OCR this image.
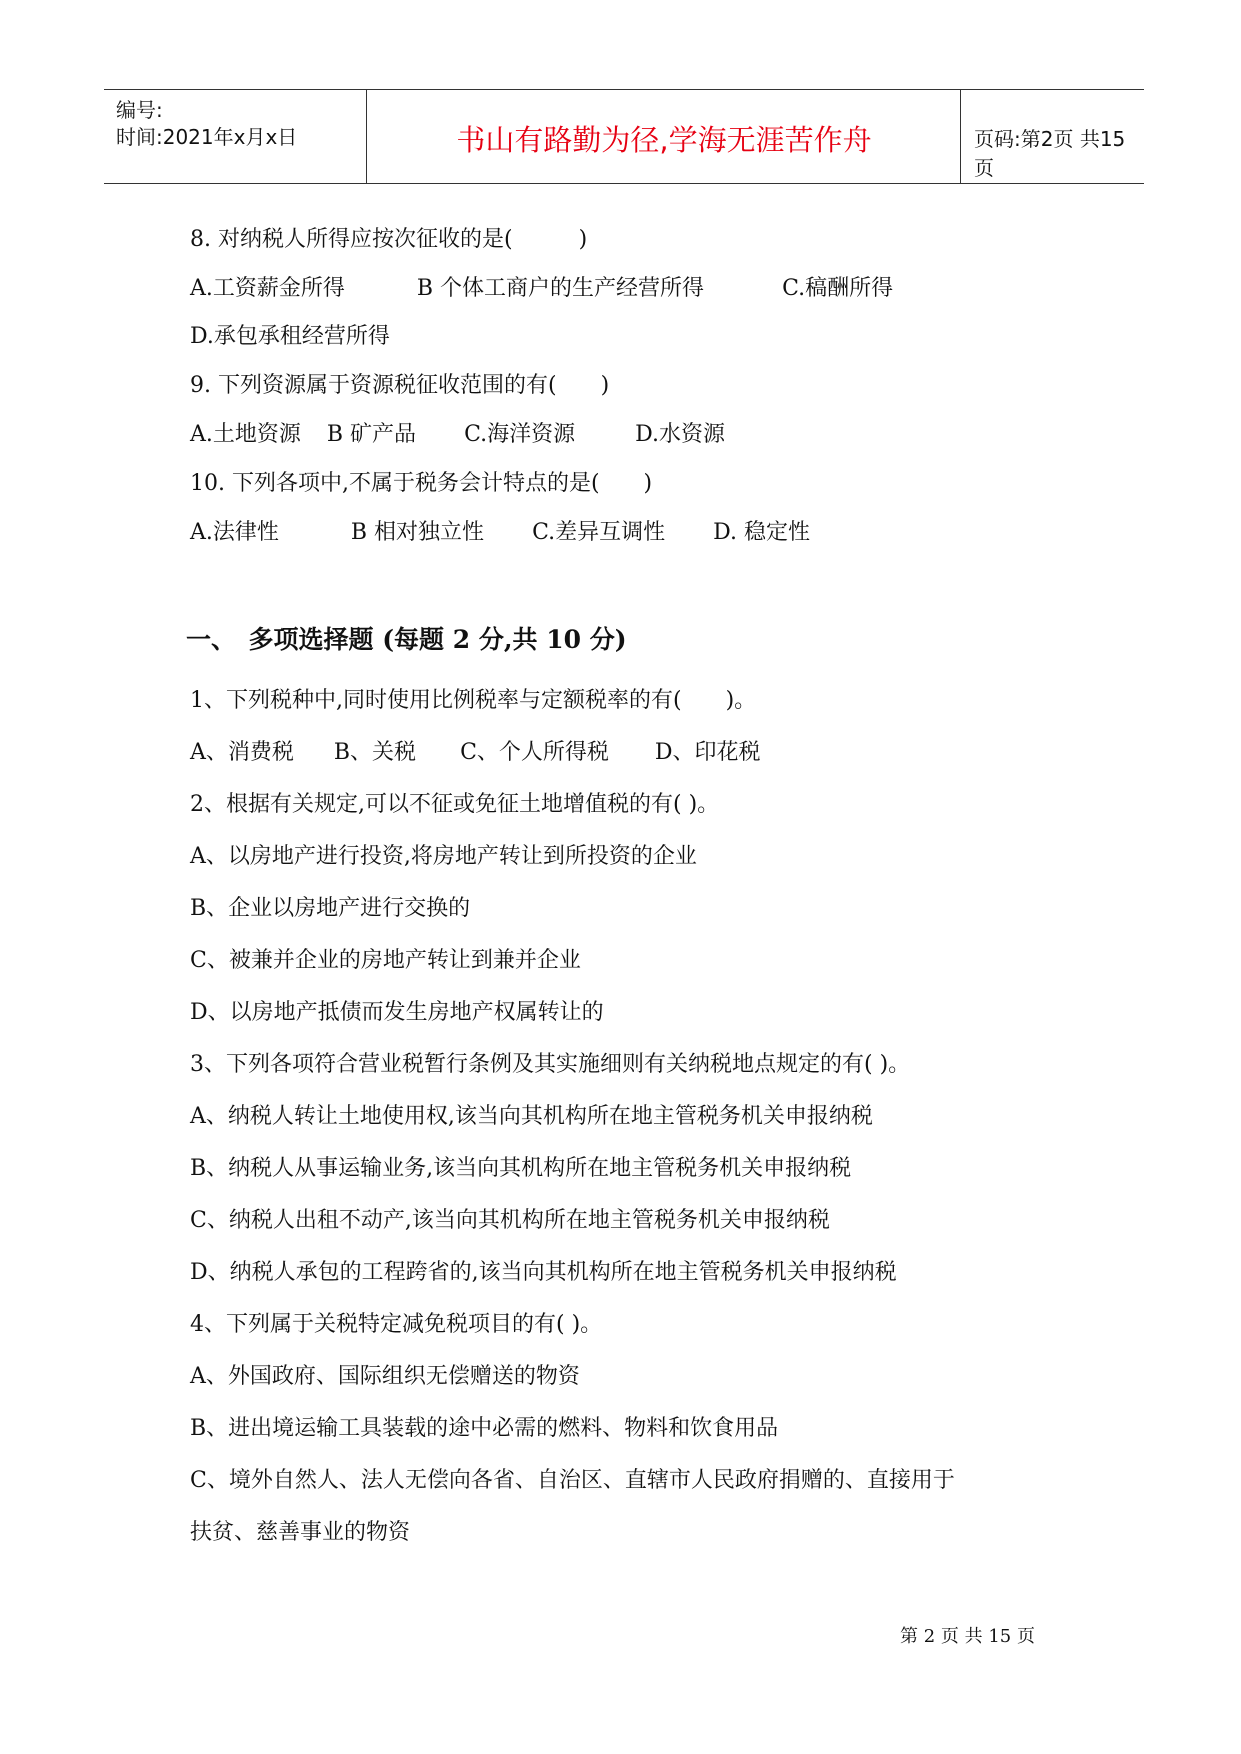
编号:
时间:2021年x月x日	书山有路勤为径,学海无涯苦作舟	页码:第2页 共15页
8. 对纳税人所得应按次征收的是(　　　)
A.工资薪金所得	B 个体工商户的生产经营所得	C.稿酬所得
D.承包承租经营所得
9. 下列资源属于资源税征收范围的有(　　)
A.土地资源 B 矿产品 C.海洋资源	D.水资源
10. 下列各项中,不属于税务会计特点的是(　　)
A.法律性	B 相对独立性 C.差异互调性 D. 稳定性
一、　多项选择题 (每题 2 分,共 10 分)
1、下列税种中,同时使用比例税率与定额税率的有(　　)。
A、消费税 B、关税 C、个人所得税 D、印花税
2、根据有关规定,可以不征或免征土地增值税的有( )。
A、以房地产进行投资,将房地产转让到所投资的企业
B、企业以房地产进行交换的
C、被兼并企业的房地产转让到兼并企业
D、以房地产抵债而发生房地产权属转让的
3、下列各项符合营业税暂行条例及其实施细则有关纳税地点规定的有( )。
A、纳税人转让土地使用权,该当向其机构所在地主管税务机关申报纳税
B、纳税人从事运输业务,该当向其机构所在地主管税务机关申报纳税
C、纳税人出租不动产,该当向其机构所在地主管税务机关申报纳税
D、纳税人承包的工程跨省的,该当向其机构所在地主管税务机关申报纳税
4、下列属于关税特定减免税项目的有( )。
A、外国政府、国际组织无偿赠送的物资
B、进出境运输工具装载的途中必需的燃料、物料和饮食用品
C、境外自然人、法人无偿向各省、自治区、直辖市人民政府捐赠的、直接用于
扶贫、慈善事业的物资
第 2 页 共 15 页
